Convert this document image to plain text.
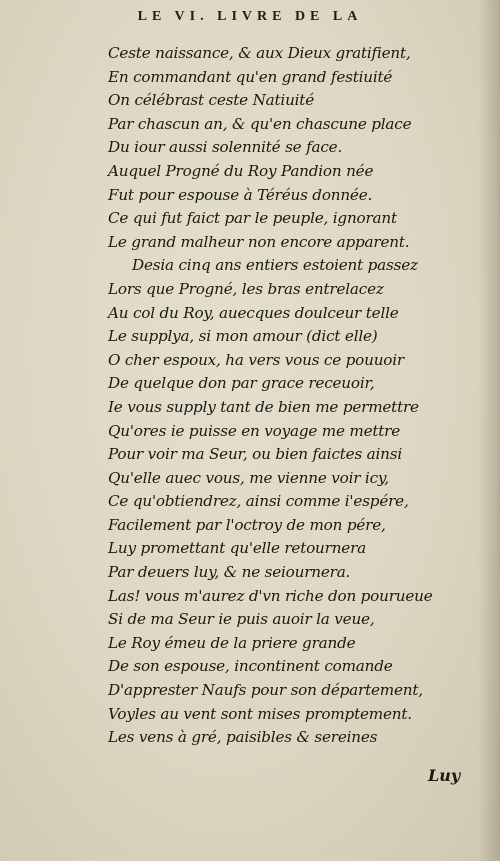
LE VI. LIVRE DE LA
Ceste naissance, & aux Dieux gratifient,
En commandant qu'en grand festiuité
On célébrast ceste Natiuité
Par chascun an, & qu'en chascune place
Du iour aussi solennité se face.
Auquel Progné du Roy Pandion née
Fut pour espouse à Téréus donnée.
Ce qui fut faict par le peuple, ignorant
Le grand malheur non encore apparent.
Desia cinq ans entiers estoient passez
Lors que Progné, les bras entrelacez
Au col du Roy, auecques doulceur telle
Le supplya, si mon amour (dict elle)
O cher espoux, ha vers vous ce pouuoir
De quelque don par grace receuoir,
Ie vous supply tant de bien me permettre
Qu'ores ie puisse en voyage me mettre
Pour voir ma Seur, ou bien faictes ainsi
Qu'elle auec vous, me vienne voir icy,
Ce qu'obtiendrez, ainsi comme i'espére,
Facilement par l'octroy de mon pére,
Luy promettant qu'elle retournera
Par deuers luy, & ne seiournera.
Las! vous m'aurez d'vn riche don pourueue
Si de ma Seur ie puis auoir la veue,
Le Roy émeu de la priere grande
De son espouse, incontinent comande
D'apprester Naufs pour son département,
Voyles au vent sont mises promptement.
Les vens à gré, paisibles & sereines
Luy
